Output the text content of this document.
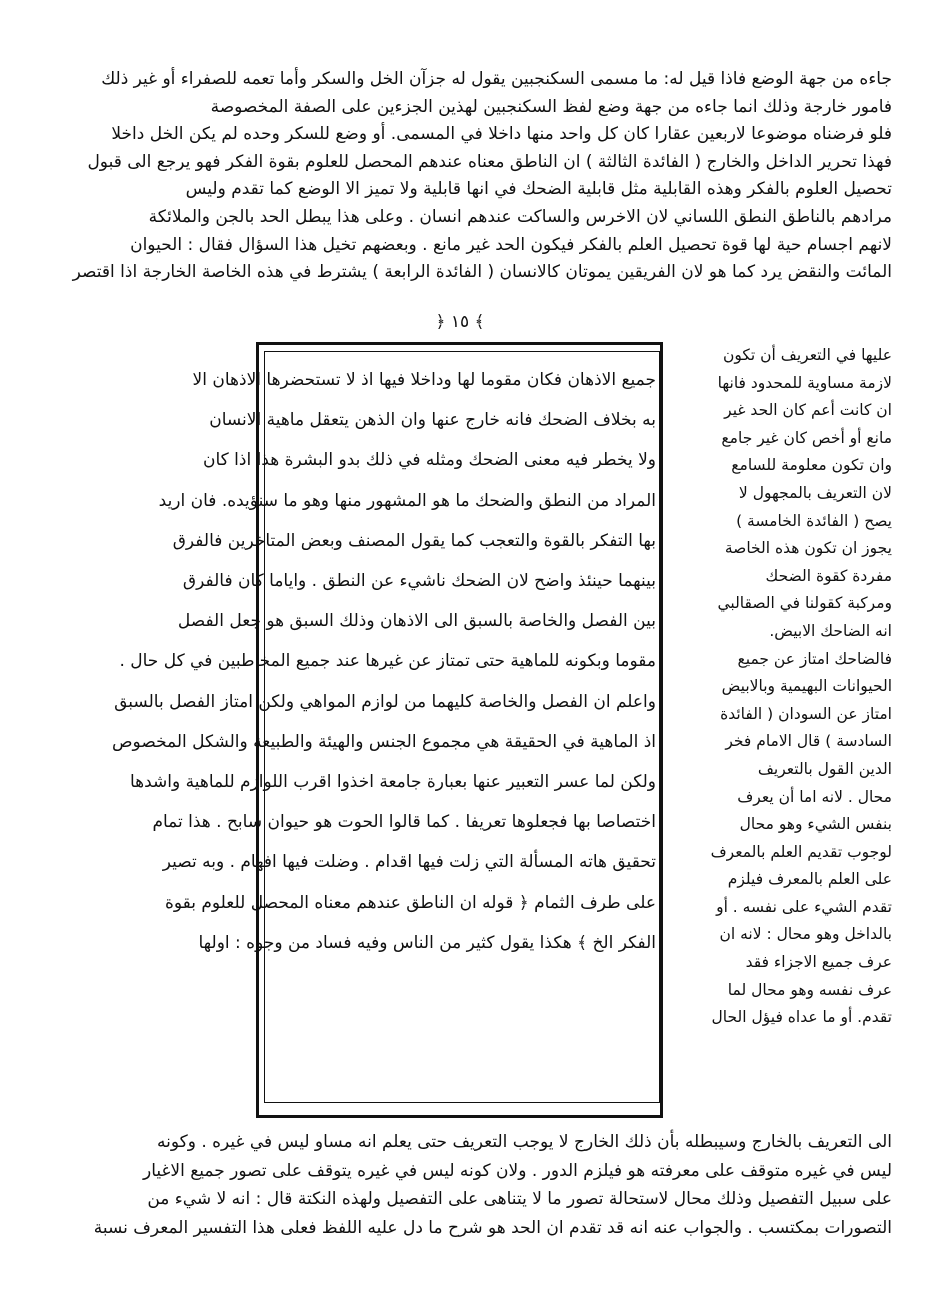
جاءه من جهة الوضع فاذا قيل له: ما مسمى السكنجبين يقول له جزآن الخل والسكر وأما تعمه للصفراء أو غير ذلك
فامور خارجة وذلك انما جاءه من جهة وضع لفظ السكنجبين لهذين الجزءين على الصفة المخصوصة
فلو فرضناه موضوعا لاربعين عقارا كان كل واحد منها داخلا في المسمى. أو وضع للسكر وحده لم يكن الخل داخلا
فهذا تحرير الداخل والخارج ( الفائدة الثالثة ) ان الناطق معناه عندهم المحصل للعلوم بقوة الفكر فهو يرجع الى قبول
تحصيل العلوم بالفكر وهذه القابلية مثل قابلية الضحك في انها قابلية ولا تميز الا الوضع كما تقدم وليس
مرادهم بالناطق النطق اللساني لان الاخرس والساكت عندهم انسان . وعلى هذا يبطل الحد بالجن والملائكة
لانهم اجسام حية لها قوة تحصيل العلم بالفكر فيكون الحد غير مانع . وبعضهم تخيل هذا السؤال فقال : الحيوان
المائت والنقض يرد كما هو لان الفريقين يموتان كالانسان ( الفائدة الرابعة ) يشترط في هذه الخاصة الخارجة اذا اقتصر
﴿ ١٥ ﴾
عليها في التعريف أن تكون
لازمة مساوية للمحدود فانها
ان كانت أعم كان الحد غير
مانع أو أخص كان غير جامع
وان تكون معلومة للسامع
لان التعريف بالمجهول لا
يصح ( الفائدة الخامسة )
يجوز ان تكون هذه الخاصة
مفردة كقوة الضحك
ومركبة كقولنا في الصقالبي
انه الضاحك الابيض.
فالضاحك امتاز عن جميع
الحيوانات البهيمية وبالابيض
امتاز عن السودان ( الفائدة
السادسة ) قال الامام فخر
الدين القول بالتعريف
محال . لانه اما أن يعرف
بنفس الشيء وهو محال
لوجوب تقديم العلم بالمعرف
على العلم بالمعرف فيلزم
تقدم الشيء على نفسه . أو
بالداخل وهو محال : لانه ان
عرف جميع الاجزاء فقد
عرف نفسه وهو محال لما
تقدم. أو ما عداه فيؤل الحال
جميع الاذهان فكان مقوما لها وداخلا فيها اذ لا تستحضرها الاذهان الا
به بخلاف الضحك فانه خارج عنها وان الذهن يتعقل ماهية الانسان
ولا يخطر فيه معنى الضحك ومثله في ذلك بدو البشرة هذا اذا كان
المراد من النطق والضحك ما هو المشهور منها وهو ما سنؤيده. فان اريد
بها التفكر بالقوة والتعجب كما يقول المصنف وبعض المتاخرين فالفرق
بينهما حينئذ واضح لان الضحك ناشيء عن النطق . واياما كان فالفرق
بين الفصل والخاصة بالسبق الى الاذهان وذلك السبق هو جعل الفصل
مقوما وبكونه للماهية حتى تمتاز عن غيرها عند جميع المخاطبين في كل حال .
واعلم ان الفصل والخاصة كليهما من لوازم المواهي ولكن امتاز الفصل بالسبق
اذ الماهية في الحقيقة هي مجموع الجنس والهيئة والطبيعة والشكل المخصوص
ولكن لما عسر التعبير عنها بعبارة جامعة اخذوا اقرب اللوازم للماهية واشدها
اختصاصا بها فجعلوها تعريفا . كما قالوا الحوت هو حيوان سابح . هذا تمام
تحقيق هاته المسألة التي زلت فيها اقدام . وضلت فيها افهام . وبه تصير
على طرف الثمام ﴿ قوله ان الناطق عندهم معناه المحصل للعلوم بقوة
الفكر الخ ﴾ هكذا يقول كثير من الناس وفيه فساد من وجوه : اولها
الى التعريف بالخارج وسيبطله بأن ذلك الخارج لا يوجب التعريف حتى يعلم انه مساو ليس في غيره . وكونه
ليس في غيره متوقف على معرفته هو فيلزم الدور . ولان كونه ليس في غيره يتوقف على تصور جميع الاغيار
على سبيل التفصيل وذلك محال لاستحالة تصور ما لا يتناهى على التفصيل ولهذه النكتة قال : انه لا شيء من
التصورات بمكتسب . والجواب عنه انه قد تقدم ان الحد هو شرح ما دل عليه اللفظ فعلى هذا التفسير المعرف نسبة
